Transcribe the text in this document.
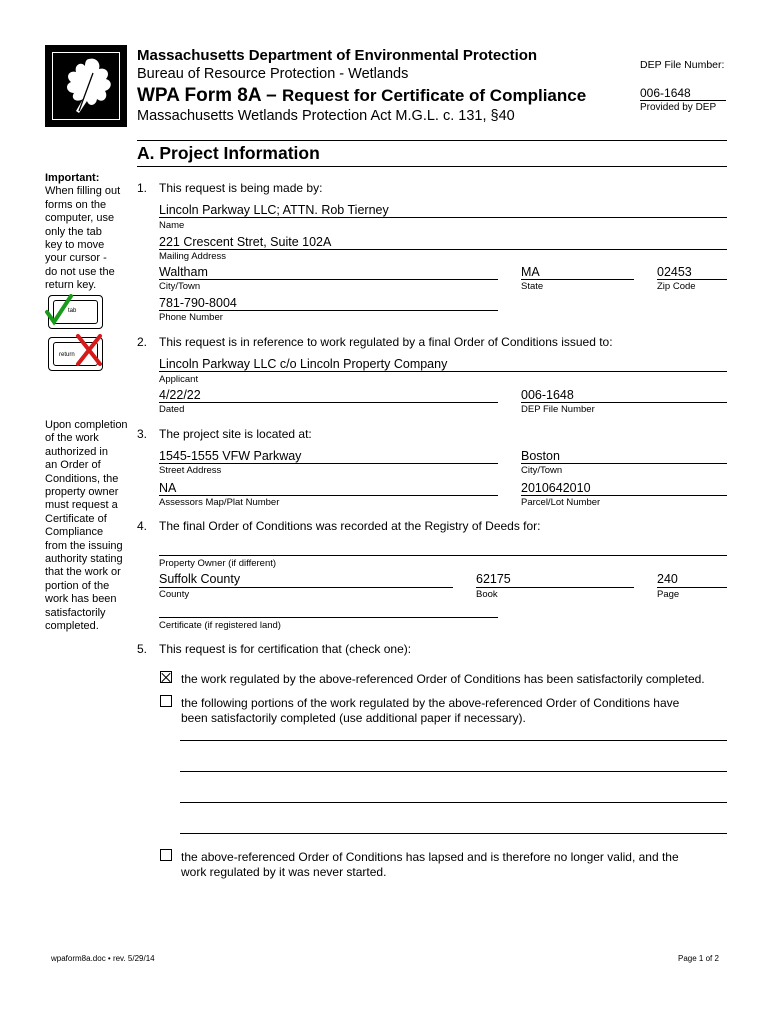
Massachusetts Department of Environmental Protection
Bureau of Resource Protection - Wetlands
WPA Form 8A – Request for Certificate of Compliance
Massachusetts Wetlands Protection Act M.G.L. c. 131, §40
DEP File Number:
006-1648
Provided by DEP
A. Project Information
Important:
When filling out
forms on the
computer, use
only the tab
key to move
your cursor -
do not use the
return key.
tab
return
Upon completion
of the work
authorized in
an Order of
Conditions, the
property owner
must request a
Certificate of
Compliance
from the issuing
authority stating
that the work or
portion of the
work has been
satisfactorily
completed.
1. This request is being made by:
Lincoln Parkway LLC; ATTN. Rob Tierney
Name
221 Crescent Stret, Suite 102A
Mailing Address
Waltham
City/Town
MA
State
02453
Zip Code
781-790-8004
Phone Number
2. This request is in reference to work regulated by a final Order of Conditions issued to:
Lincoln Parkway LLC c/o Lincoln Property Company
Applicant
4/22/22
Dated
006-1648
DEP File Number
3. The project site is located at:
1545-1555 VFW Parkway
Street Address
Boston
City/Town
NA
Assessors Map/Plat Number
2010642010
Parcel/Lot Number
4. The final Order of Conditions was recorded at the Registry of Deeds for:
Property Owner (if different)
Suffolk County
County
62175
Book
240
Page
Certificate (if registered land)
5. This request is for certification that (check one):
the work regulated by the above-referenced Order of Conditions has been satisfactorily completed.
the following portions of the work regulated by the above-referenced Order of Conditions have
been satisfactorily completed (use additional paper if necessary).
the above-referenced Order of Conditions has lapsed and is therefore no longer valid, and the
work regulated by it was never started.
wpaform8a.doc • rev. 5/29/14	Page 1 of 2
